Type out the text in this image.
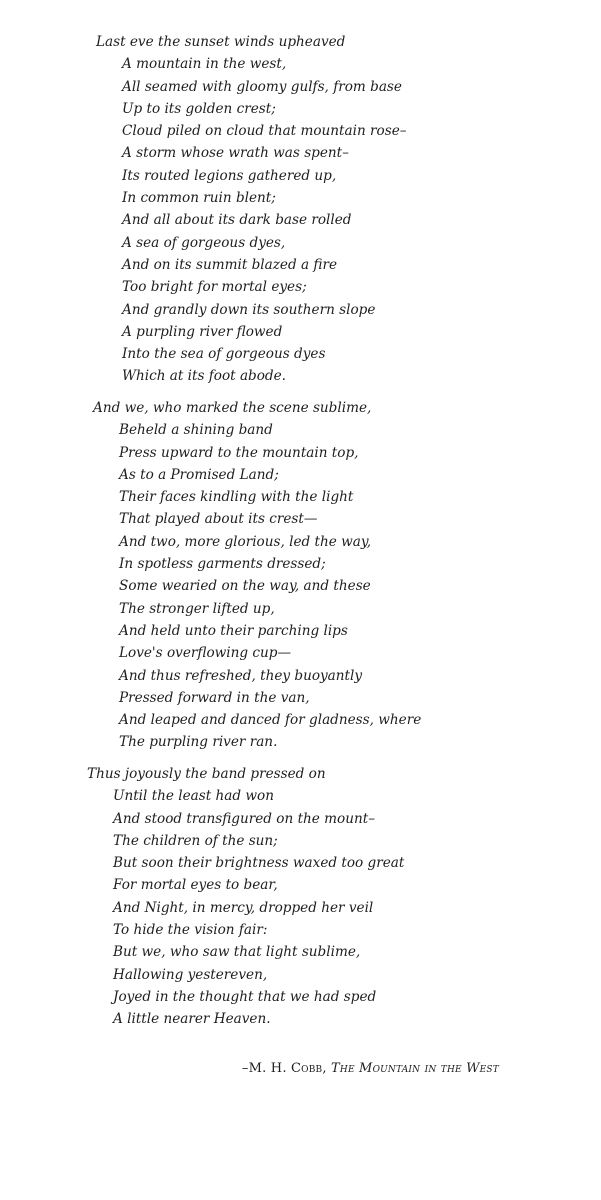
Last eve the sunset winds upheaved
A mountain in the west,
All seamed with gloomy gulfs, from base
Up to its golden crest;
Cloud piled on cloud that mountain rose–
A storm whose wrath was spent–
Its routed legions gathered up,
In common ruin blent;
And all about its dark base rolled
A sea of gorgeous dyes,
And on its summit blazed a fire
Too bright for mortal eyes;
And grandly down its southern slope
A purpling river flowed
Into the sea of gorgeous dyes
Which at its foot abode.
And we, who marked the scene sublime,
Beheld a shining band
Press upward to the mountain top,
As to a Promised Land;
Their faces kindling with the light
That played about its crest—
And two, more glorious, led the way,
In spotless garments dressed;
Some wearied on the way, and these
The stronger lifted up,
And held unto their parching lips
Love's overflowing cup—
And thus refreshed, they buoyantly
Pressed forward in the van,
And leaped and danced for gladness, where
The purpling river ran.
Thus joyously the band pressed on
Until the least had won
And stood transfigured on the mount–
The children of the sun;
But soon their brightness waxed too great
For mortal eyes to bear,
And Night, in mercy, dropped her veil
To hide the vision fair:
But we, who saw that light sublime,
Hallowing yestereven,
Joyed in the thought that we had sped
A little nearer Heaven.
–M. H. Cobb, The Mountain in the West
